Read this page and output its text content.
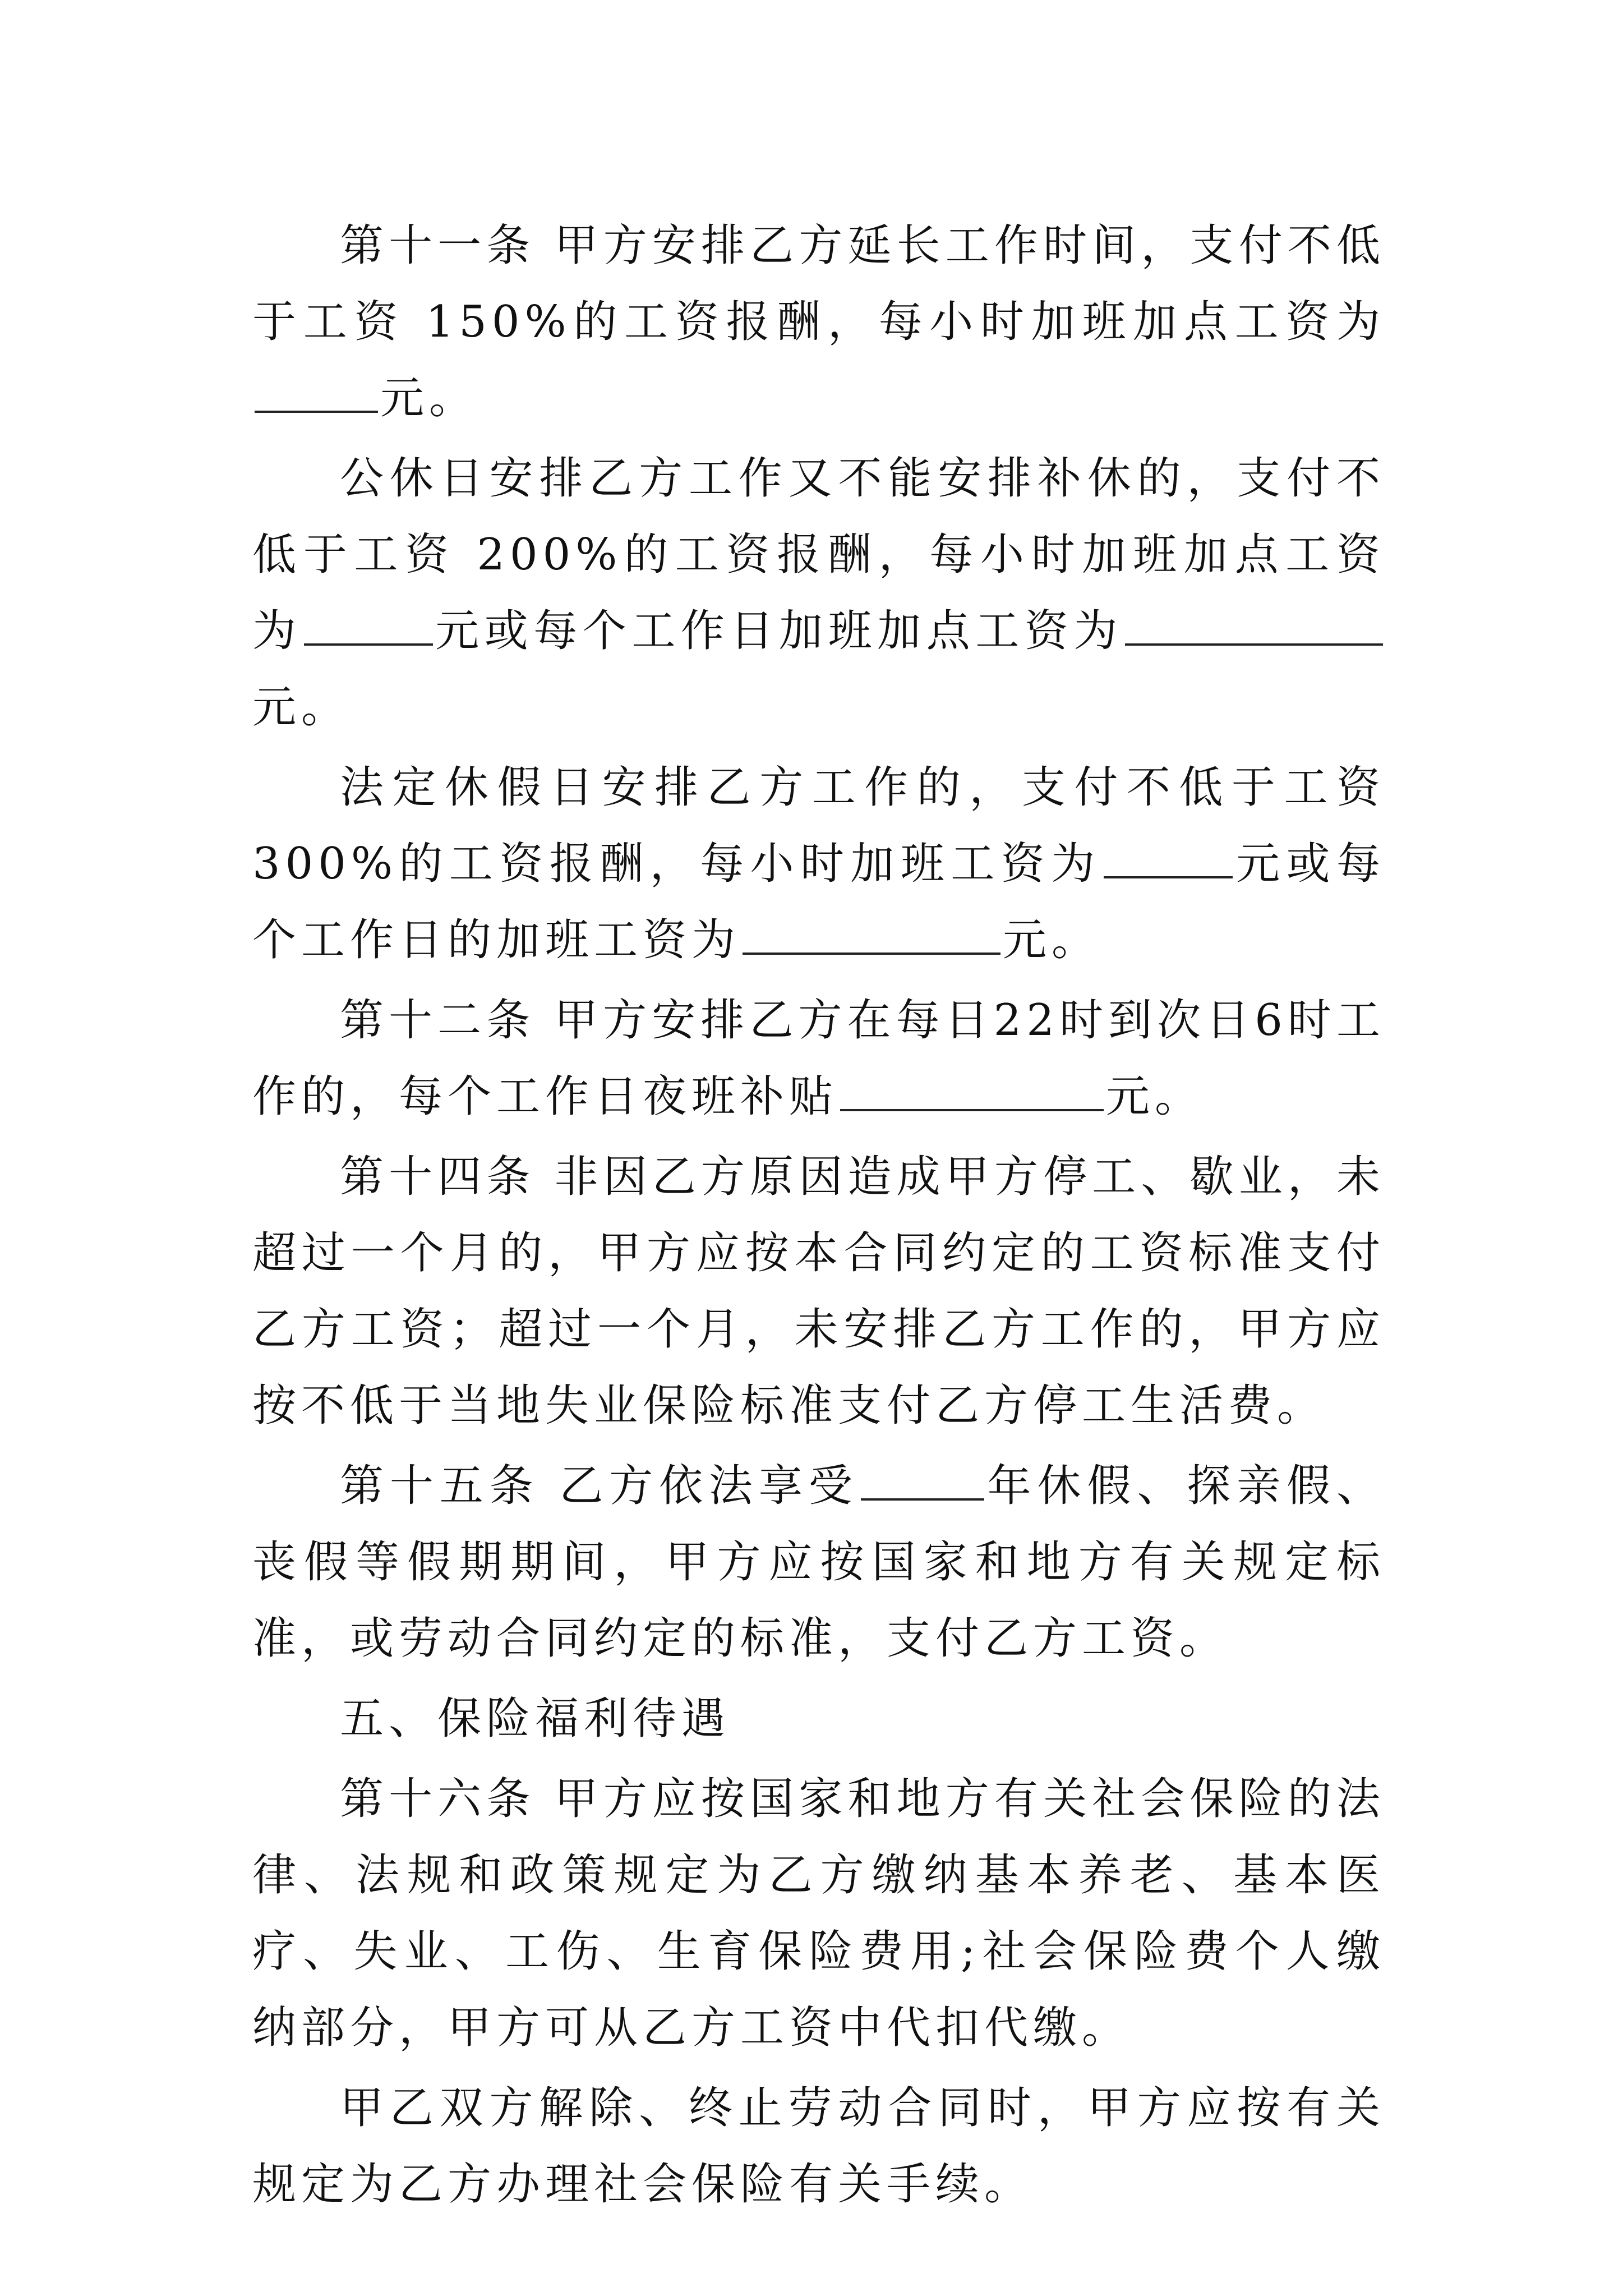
第十一条 甲方安排乙方延长工作时间，支付不低于工资 150%的工资报酬，每小时加班加点工资为元。

公休日安排乙方工作又不能安排补休的，支付不低于工资 200%的工资报酬，每小时加班加点工资为	元或每个工作日加班加点工资为元。

法定休假日安排乙方工作的，支付不低于工资 300%的工资报酬，每小时加班工资为	元或每个工作日的加班工资为	元。

第十二条 甲方安排乙方在每日22时到次日6时工作的，每个工作日夜班补贴	元。

第十四条 非因乙方原因造成甲方停工、歇业，未超过一个月的，甲方应按本合同约定的工资标准支付乙方工资；超过一个月，未安排乙方工作的，甲方应按不低于当地失业保险标准支付乙方停工生活费。

第十五条 乙方依法享受	年休假、探亲假、丧假等假期期间，甲方应按国家和地方有关规定标准，或劳动合同约定的标准，支付乙方工资。

五、保险福利待遇

第十六条 甲方应按国家和地方有关社会保险的法律、法规和政策规定为乙方缴纳基本养老、基本医疗、失业、工伤、生育保险费用;社会保险费个人缴纳部分，甲方可从乙方工资中代扣代缴。

甲乙双方解除、终止劳动合同时，甲方应按有关规定为乙方办理社会保险有关手续。
